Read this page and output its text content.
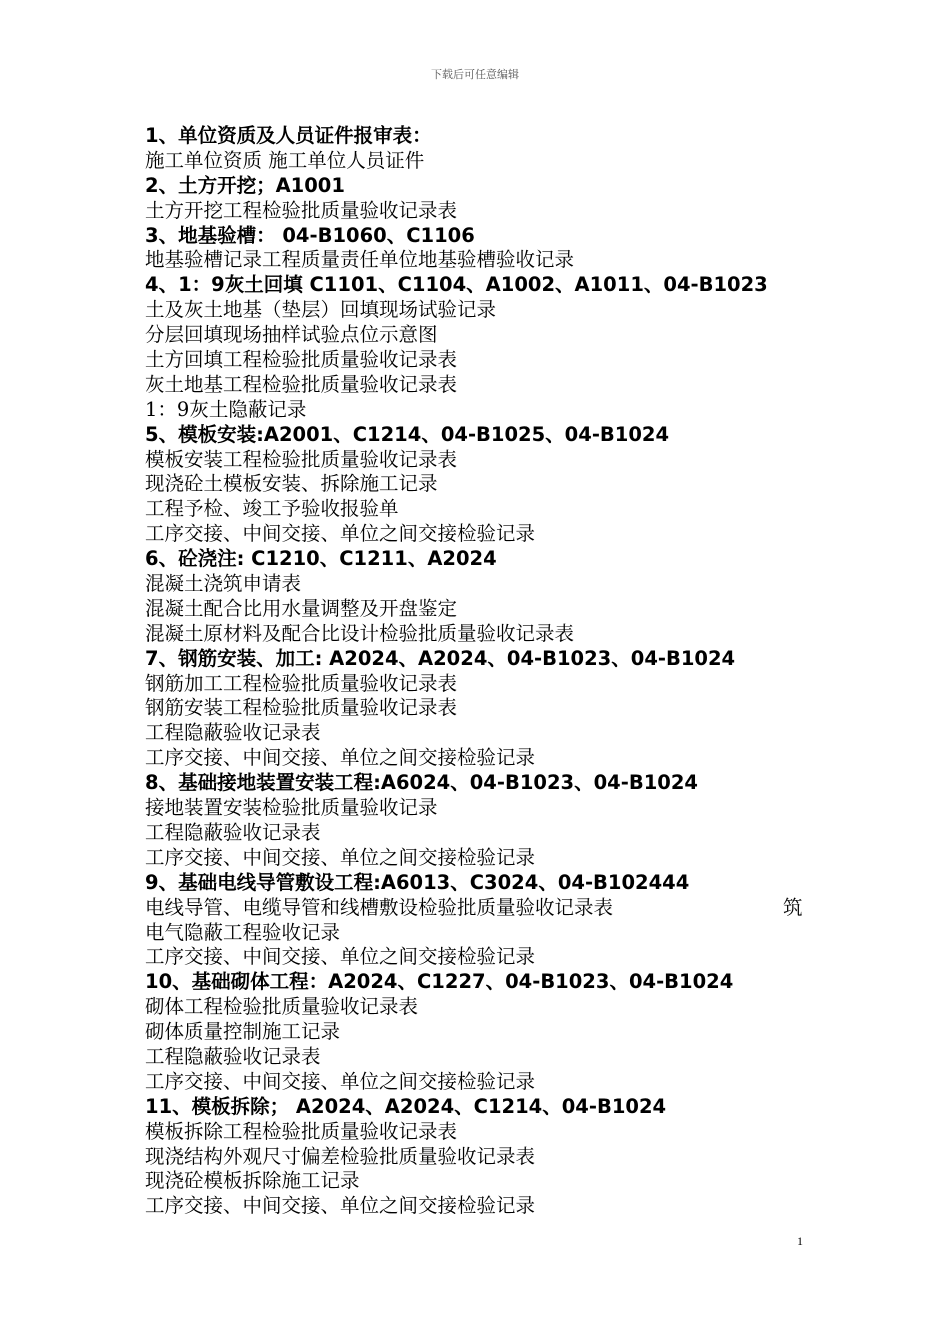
下载后可任意编辑
1、单位资质及人员证件报审表：
施工单位资质 施工单位人员证件
2、土方开挖；A1001
土方开挖工程检验批质量验收记录表
3、地基验槽： 04-B1060、C1106
地基验槽记录工程质量责任单位地基验槽验收记录
4、1：9灰土回填 C1101、C1104、A1002、A1011、04-B1023
土及灰土地基（垫层）回填现场试验记录
分层回填现场抽样试验点位示意图
土方回填工程检验批质量验收记录表
灰土地基工程检验批质量验收记录表
1：9灰土隐蔽记录
5、模板安装:A2001、C1214、04-B1025、04-B1024
模板安装工程检验批质量验收记录表
现浇砼土模板安装、拆除施工记录
工程予检、竣工予验收报验单
工序交接、中间交接、单位之间交接检验记录
6、砼浇注: C1210、C1211、A2024
混凝土浇筑申请表
混凝土配合比用水量调整及开盘鉴定
混凝土原材料及配合比设计检验批质量验收记录表
7、钢筋安装、加工: A2024、A2024、04-B1023、04-B1024
钢筋加工工程检验批质量验收记录表
钢筋安装工程检验批质量验收记录表
工程隐蔽验收记录表
工序交接、中间交接、单位之间交接检验记录
8、基础接地装置安装工程:A6024、04-B1023、04-B1024
接地装置安装检验批质量验收记录
工程隐蔽验收记录表
工序交接、中间交接、单位之间交接检验记录
9、基础电线导管敷设工程:A6013、C3024、04-B102444
电线导管、电缆导管和线槽敷设检验批质量验收记录表	筑
电气隐蔽工程验收记录
工序交接、中间交接、单位之间交接检验记录
10、基础砌体工程：A2024、C1227、04-B1023、04-B1024
砌体工程检验批质量验收记录表
砌体质量控制施工记录
工程隐蔽验收记录表
工序交接、中间交接、单位之间交接检验记录
11、模板拆除； A2024、A2024、C1214、04-B1024
模板拆除工程检验批质量验收记录表
现浇结构外观尺寸偏差检验批质量验收记录表
现浇砼模板拆除施工记录
工序交接、中间交接、单位之间交接检验记录
1
